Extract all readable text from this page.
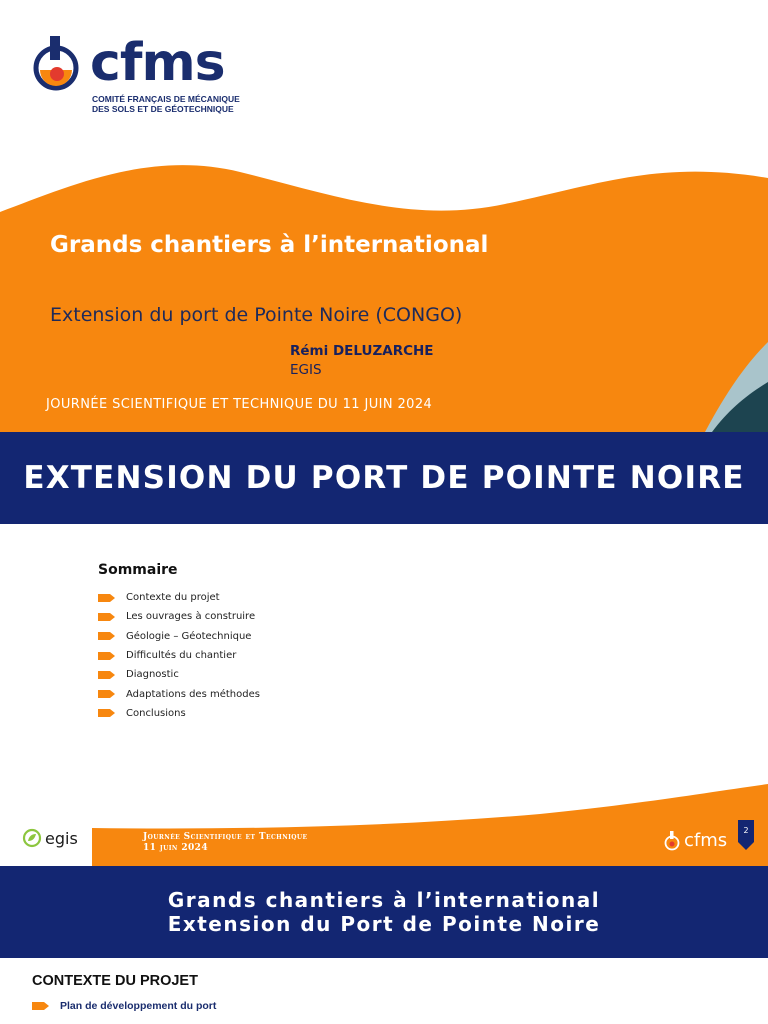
cfms
COMITÉ FRANÇAIS DE MÉCANIQUE
DES SOLS ET DE GÉOTECHNIQUE
Grands chantiers à l’international
Extension du port de Pointe Noire (CONGO)
Rémi DELUZARCHE
EGIS
JOURNÉE SCIENTIFIQUE ET TECHNIQUE DU 11 JUIN 2024
EXTENSION DU PORT DE POINTE NOIRE
Sommaire
Contexte du projet
Les ouvrages à construire
Géologie – Géotechnique
Difficultés du chantier
Diagnostic
Adaptations des méthodes
Conclusions
egis	Journée Scientifique et Technique
11 juin 2024	cfms	2
Grands chantiers à l’international
Extension du Port de Pointe Noire
CONTEXTE DU PROJET
Plan de développement du port
